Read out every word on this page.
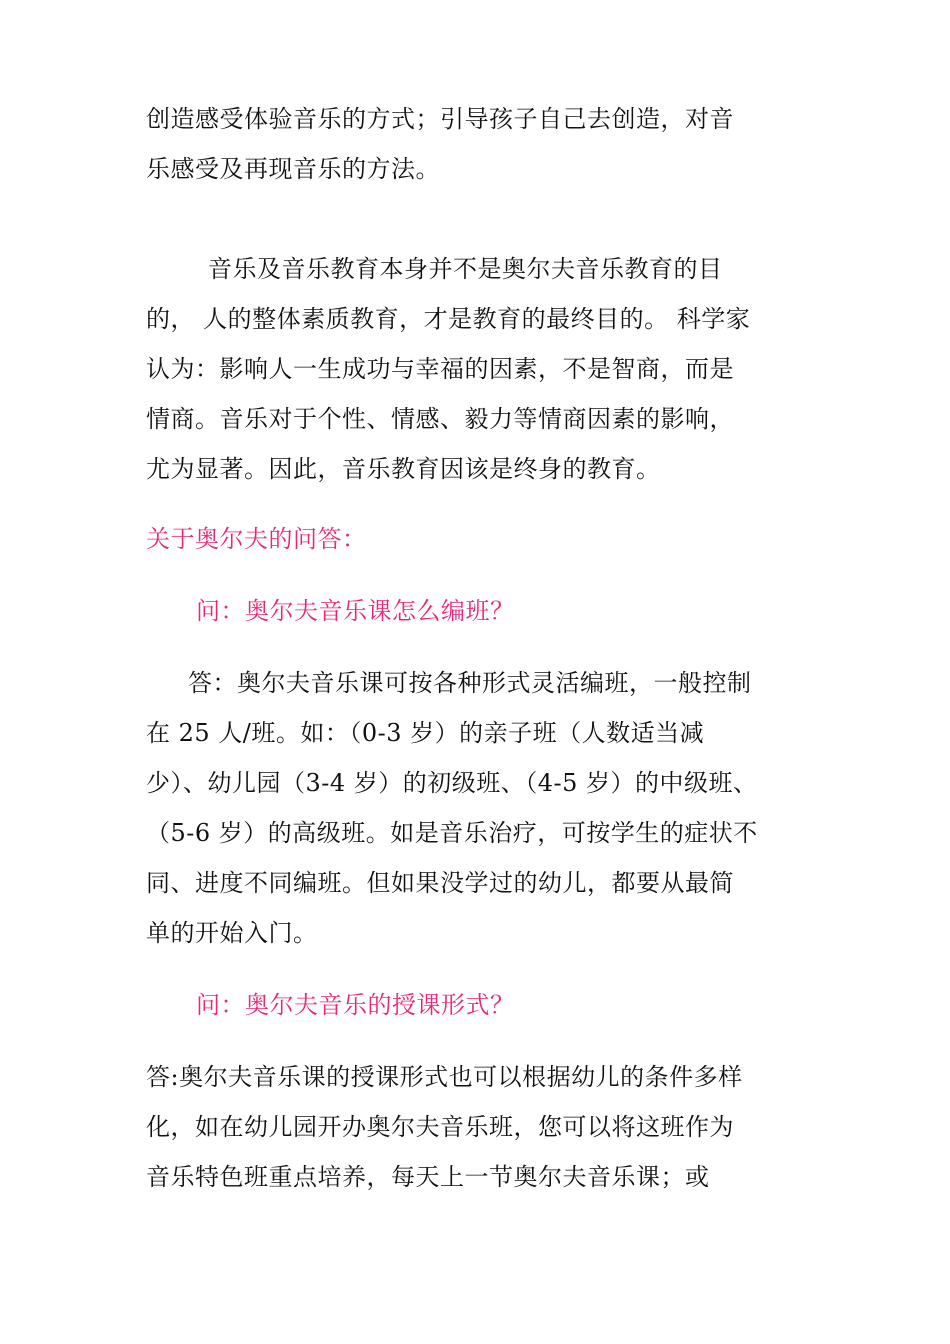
创造感受体验音乐的方式；引导孩子自己去创造，对音乐感受及再现音乐的方法。

音乐及音乐教育本身并不是奥尔夫音乐教育的目的， 人的整体素质教育，才是教育的最终目的。 科学家认为：影响人一生成功与幸福的因素，不是智商，而是情商。音乐对于个性、情感、毅力等情商因素的影响，尤为显著。因此，音乐教育因该是终身的教育。

关于奥尔夫的问答：

问：奥尔夫音乐课怎么编班？

答：奥尔夫音乐课可按各种形式灵活编班，一般控制在 25 人/班。如：（0-3 岁）的亲子班（人数适当减少）、幼儿园（3-4 岁）的初级班、（4-5 岁）的中级班、（5-6 岁）的高级班。如是音乐治疗，可按学生的症状不同、进度不同编班。但如果没学过的幼儿，都要从最简单的开始入门。

问：奥尔夫音乐的授课形式？

答:奥尔夫音乐课的授课形式也可以根据幼儿的条件多样化，如在幼儿园开办奥尔夫音乐班，您可以将这班作为音乐特色班重点培养，每天上一节奥尔夫音乐课；或
